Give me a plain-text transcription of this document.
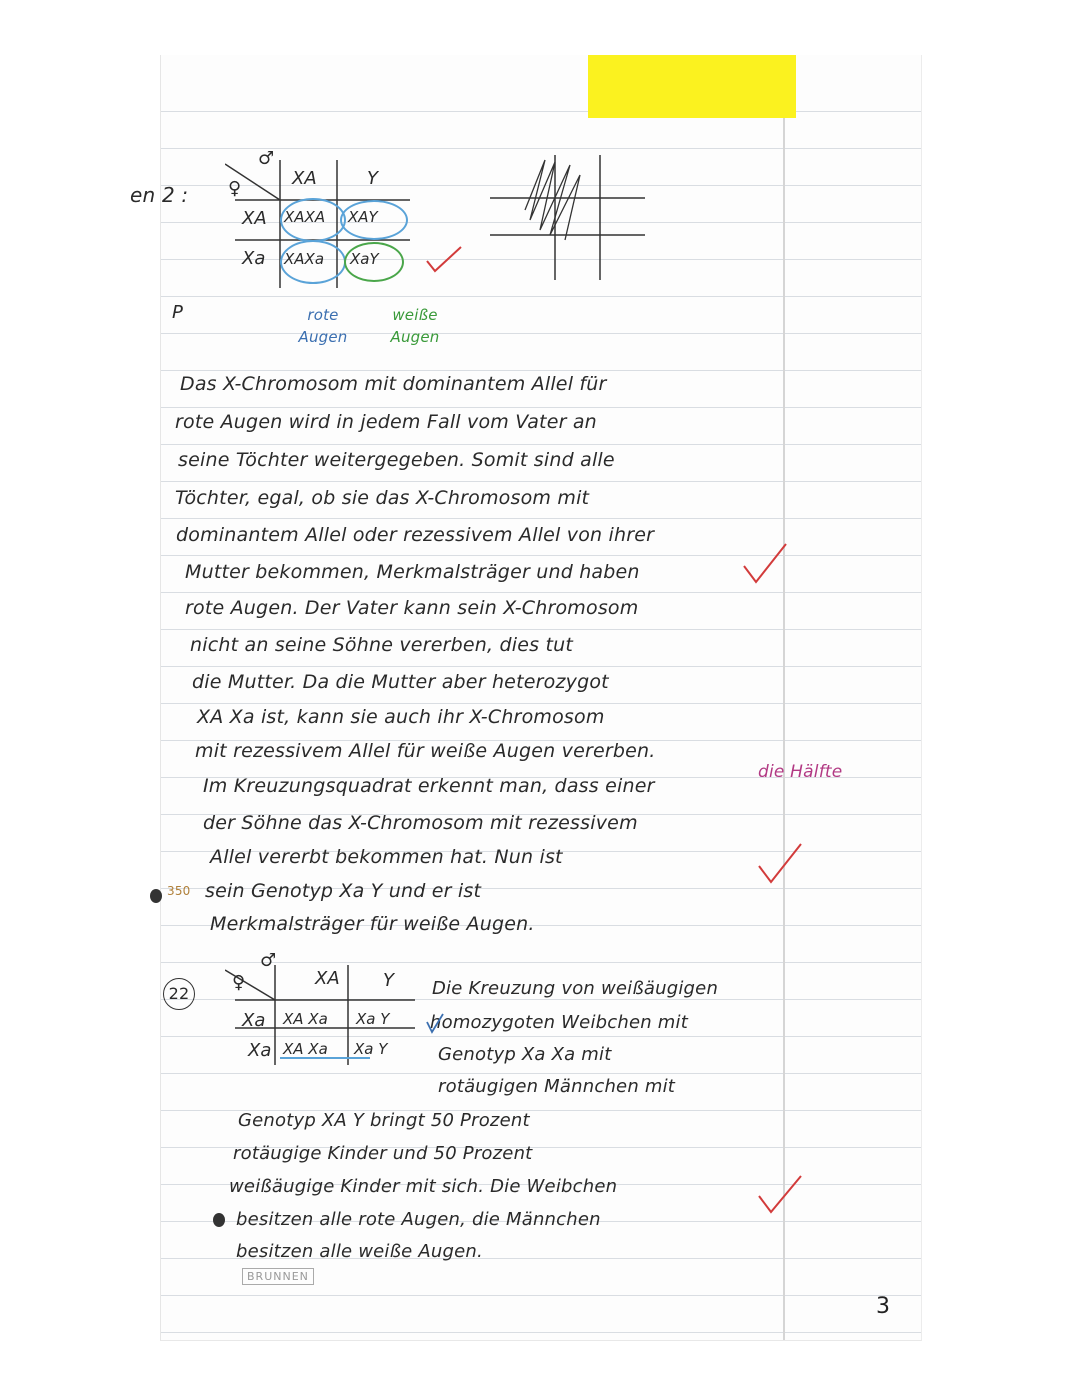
en 2 : ♀
♂
XA	Y
XA
Xa
XAXA XAY
XAXa XaY
P	rote Augen
weiße Augen
Das X-Chromosom mit dominantem Allel für
rote Augen wird in jedem Fall vom Vater an
seine Töchter weitergegeben. Somit sind alle
Töchter, egal, ob sie das X-Chromosom mit
dominantem Allel oder rezessivem Allel von ihrer
Mutter bekommen, Merkmalsträger und haben
rote Augen. Der Vater kann sein X-Chromosom
nicht an seine Söhne vererben, dies tut
die Mutter. Da die Mutter aber heterozygot
XA Xa ist, kann sie auch ihr X-Chromosom
mit rezessivem Allel für weiße Augen vererben.
Im Kreuzungsquadrat erkennt man, dass einer
der Söhne das X-Chromosom mit rezessivem
Allel vererbt bekommen hat. Nun ist
sein Genotyp Xa Y und er ist
Merkmalsträger für weiße Augen.
die Hälfte
350
22
♀
♂
XA Y
Xa
Xa
XA Xa Xa Y
XA Xa Xa Y
Die Kreuzung von weißäugigen
homozygoten Weibchen mit
Genotyp Xa Xa mit
rotäugigen Männchen mit
Genotyp XA Y bringt 50 Prozent
rotäugige Kinder und 50 Prozent
weißäugige Kinder mit sich. Die Weibchen
besitzen alle rote Augen, die Männchen
besitzen alle weiße Augen.
BRUNNEN
3
